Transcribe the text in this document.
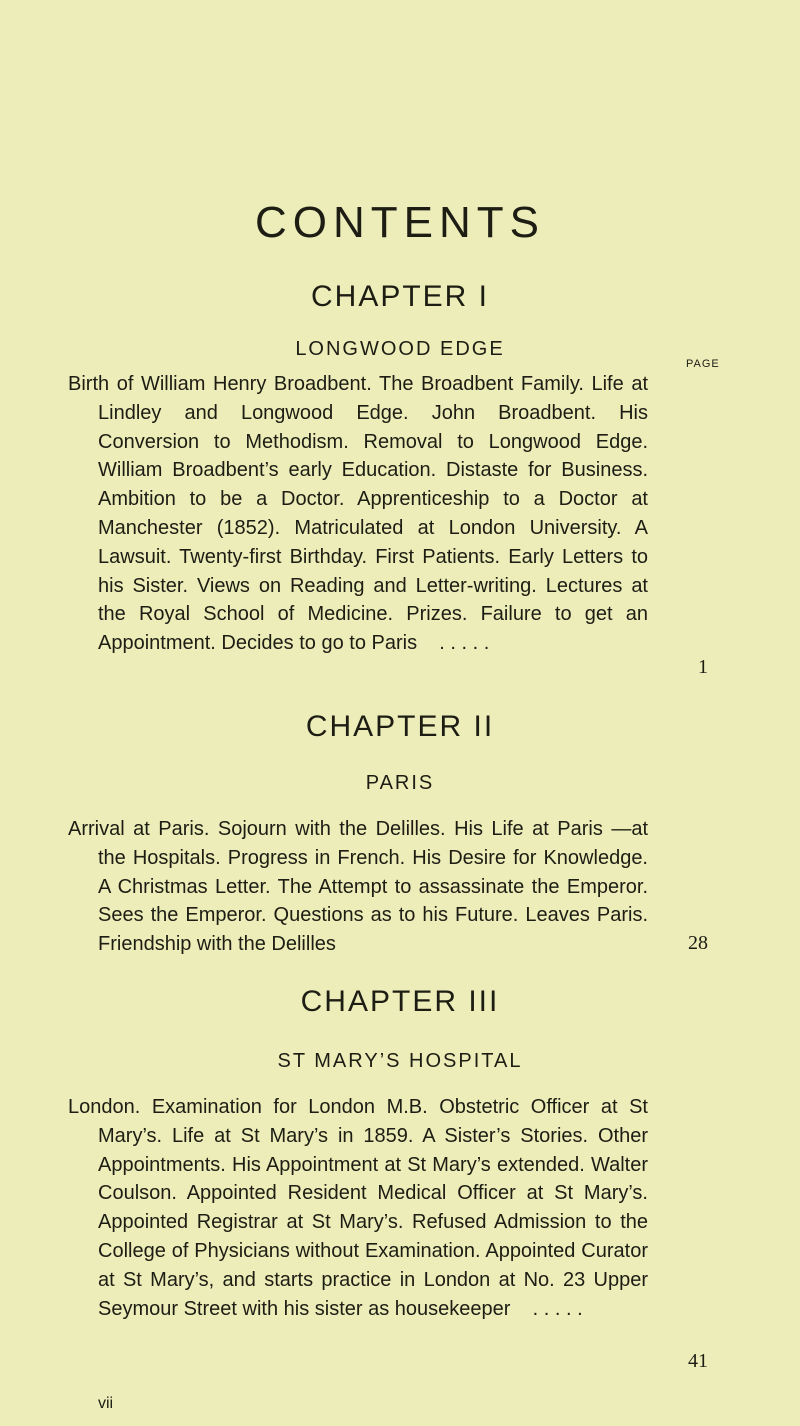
CONTENTS
CHAPTER I
LONGWOOD EDGE
PAGE
Birth of William Henry Broadbent. The Broadbent Family. Life at Lindley and Longwood Edge. John Broadbent. His Conversion to Methodism. Removal to Longwood Edge. William Broadbent’s early Education. Distaste for Business. Ambition to be a Doctor. Apprenticeship to a Doctor at Manchester (1852). Matriculated at London University. A Lawsuit. Twenty-first Birthday. First Patients. Early Letters to his Sister. Views on Reading and Letter-writing. Lectures at the Royal School of Medicine. Prizes. Failure to get an Appointment. Decides to go to Paris . . . . .
1
CHAPTER II
PARIS
Arrival at Paris. Sojourn with the Delilles. His Life at Paris —at the Hospitals. Progress in French. His Desire for Knowledge. A Christmas Letter. The Attempt to assassinate the Emperor. Sees the Emperor. Questions as to his Future. Leaves Paris. Friendship with the Delilles	28
CHAPTER III
ST MARY’S HOSPITAL
London. Examination for London M.B. Obstetric Officer at St Mary’s. Life at St Mary’s in 1859. A Sister’s Stories. Other Appointments. His Appointment at St Mary’s extended. Walter Coulson. Appointed Resident Medical Officer at St Mary’s. Appointed Registrar at St Mary’s. Refused Admission to the College of Physicians without Examination. Appointed Curator at St Mary’s, and starts practice in London at No. 23 Upper Seymour Street with his sister as housekeeper . . . . .
41
vii
